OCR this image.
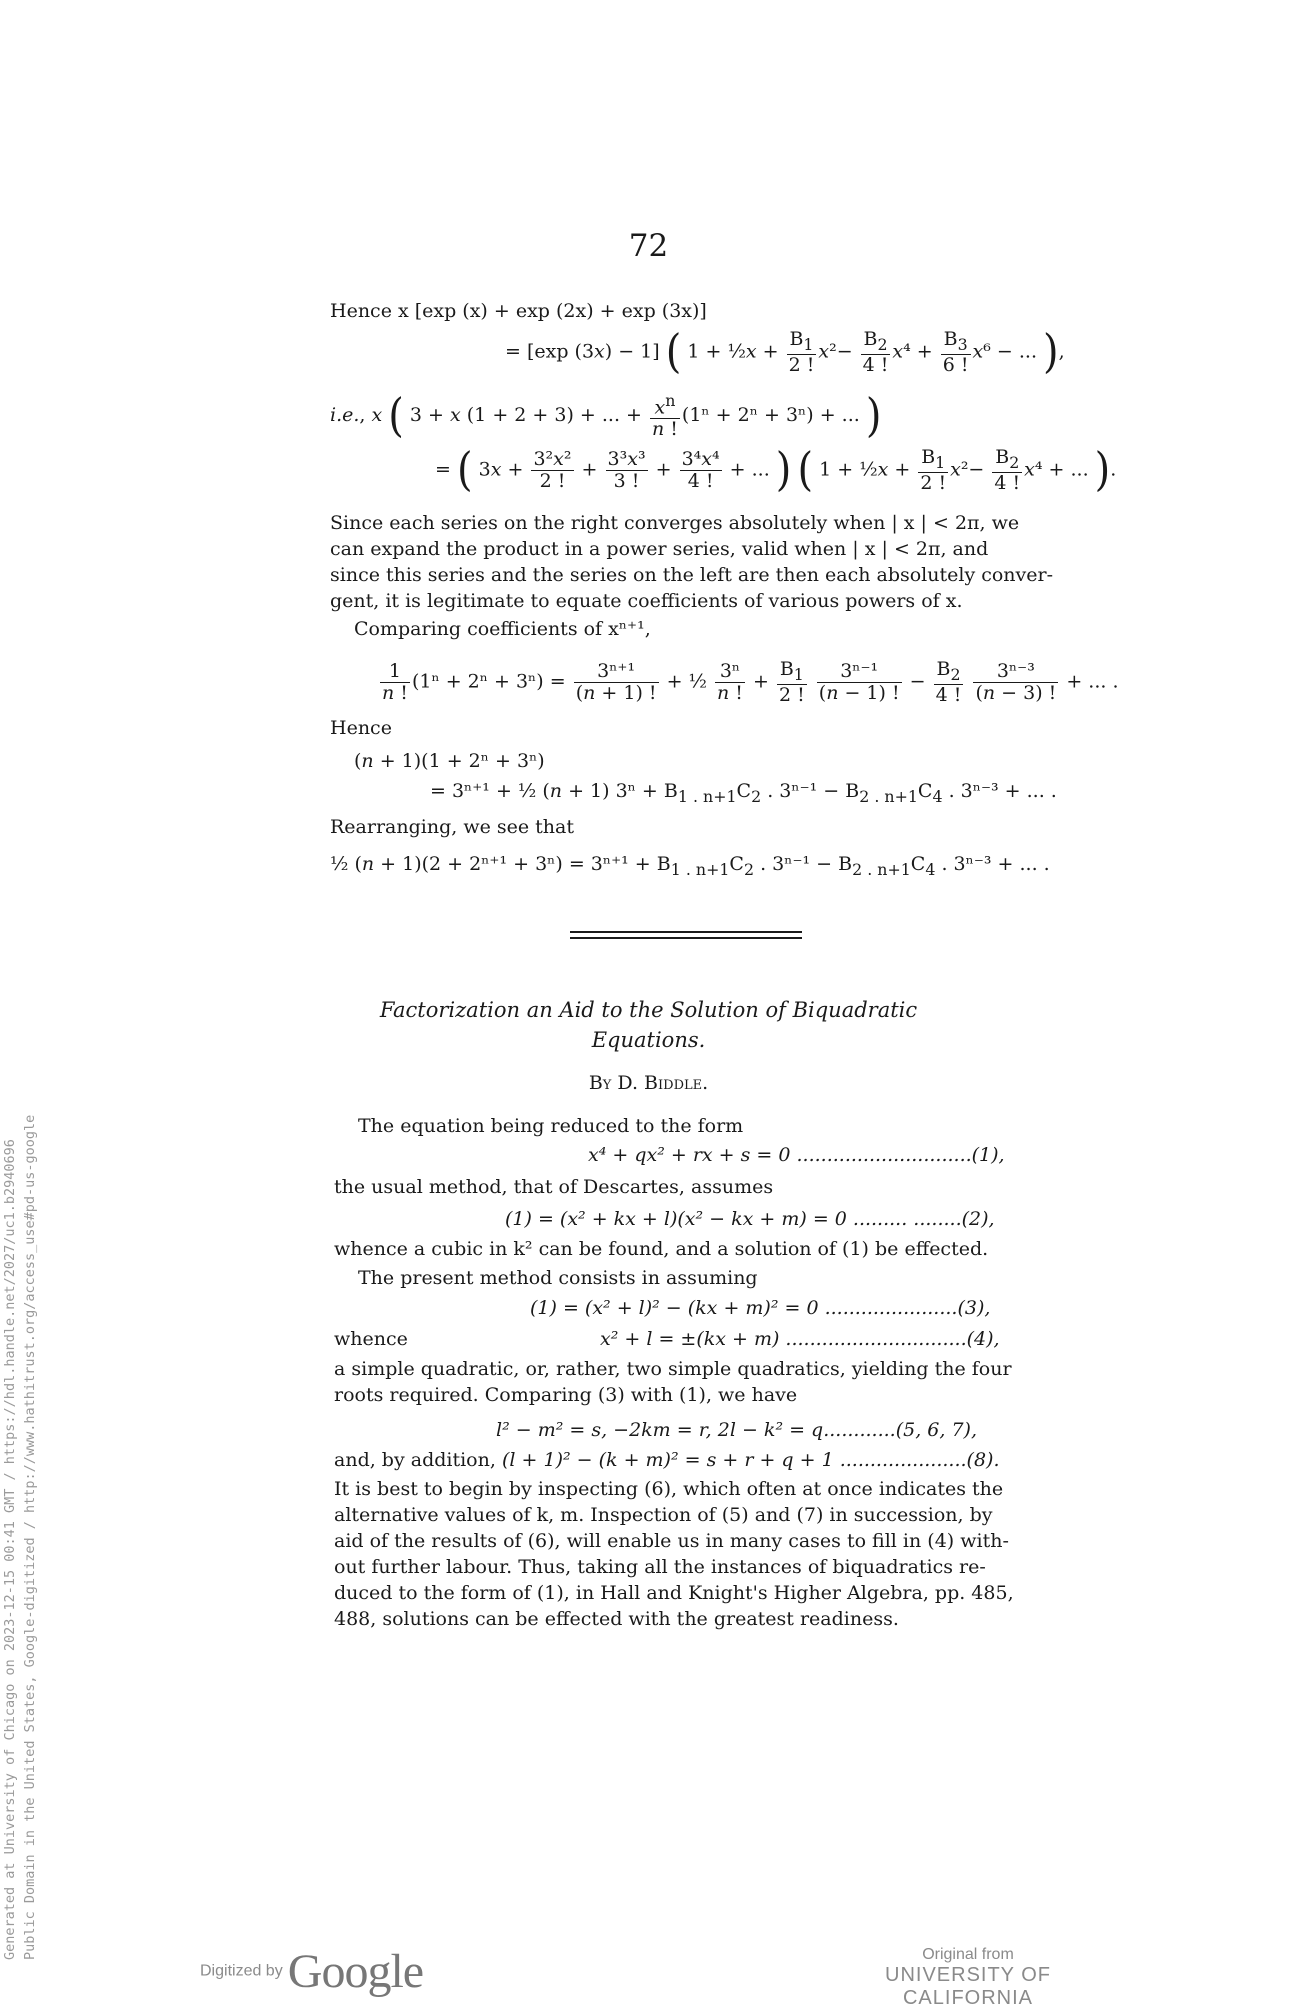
72
Hence x [exp (x) + exp (2x) + exp (3x)]
= [exp (3x) − 1] ( 1 + ½x + $\frac{B_1}{2 !} x^2- \frac{B_2}{4 !} x^4 + \frac{B_3}{6 !} x^6$ − ... ),
i.e., x ( 3 + x (1 + 2 + 3) + ... + $\frac{x^n}{n !} (1^n + 2^n + 3^n)$ + ... )
= ( $3x + \frac{\text{3²x²}}{2 !} + \frac{\text{3³x³}}{3 !} + \frac{\text{3⁴x⁴}}{4 !}$ + ... ) ( 1 + ½x + $\frac{B_1}{2 !} x^2- \frac{B_2}{4 !} x^4$ + ... ).
Since each series on the right converges absolutely when | x | < 2π, we
can expand the product in a power series, valid when | x | < 2π, and
since this series and the series on the left are then each absolutely conver-
gent, it is legitimate to equate coefficients of various powers of x.
Comparing coefficients of xⁿ⁺¹,
$\frac{1}{n !} (1^n + 2^n + 3^n) = \frac{\text{3ⁿ⁺¹}}{(n + 1) !}$ + ½ $\frac{\text{3ⁿ}}{n !} + \frac{B_1}{2 !}$
$\frac{\text{3ⁿ⁻¹}}{(n - 1) !} - \frac{B_2}{4 !}$
$\frac{\text{3ⁿ⁻³}}{(n - 3) !}$ + ... .
Hence
(n + 1)(1 + 2ⁿ + 3ⁿ)
= 3ⁿ⁺¹ + ½ (n + 1) $3^n + B_{1 . n+1}C_2$ . $3^{n-1} - B_{2 . n+1}C_4$ . 3ⁿ⁻³ + ... .
Rearranging, we see that
½ $(n + 1)(2 + 2^{n+1} + 3^n) = 3^{n+1} + B_{1 . n+1}C_2$ . $3^{n-1} - B_{2 . n+1}C_4$ . 3ⁿ⁻³ + ... .
Factorization an Aid to the Solution of Biquadratic
Equations.
By D. Biddle.
The equation being reduced to the form
x⁴ + qx² + rx + s = 0 .............................(1),
the usual method, that of Descartes, assumes
(1) = (x² + kx + l)(x² − kx + m) = 0 ......... ........(2),
whence a cubic in k² can be found, and a solution of (1) be effected.
The present method consists in assuming
(1) = (x² + l)² − (kx + m)² = 0 ......................(3),
whence	x² + l = ±(kx + m) ..............................(4),
a simple quadratic, or, rather, two simple quadratics, yielding the four
roots required. Comparing (3) with (1), we have
l² − m² = s, −2km = r, 2l − k² = q............(5, 6, 7),
and, by addition, (l + 1)² − (k + m)² = s + r + q + 1 .....................(8).
It is best to begin by inspecting (6), which often at once indicates the
alternative values of k, m. Inspection of (5) and (7) in succession, by
aid of the results of (6), will enable us in many cases to fill in (4) with-
out further labour. Thus, taking all the instances of biquadratics re-
duced to the form of (1), in Hall and Knight's Higher Algebra, pp. 485,
488, solutions can be effected with the greatest readiness.
Generated at University of Chicago on 2023-12-15 00:41 GMT / https://hdl.handle.net/2027/uc1.b2940696 Public Domain in the United States, Google-digitized / http://www.hathitrust.org/access_use#pd-us-google
Digitized by Google	Original from
UNIVERSITY OF CALIFORNIA
